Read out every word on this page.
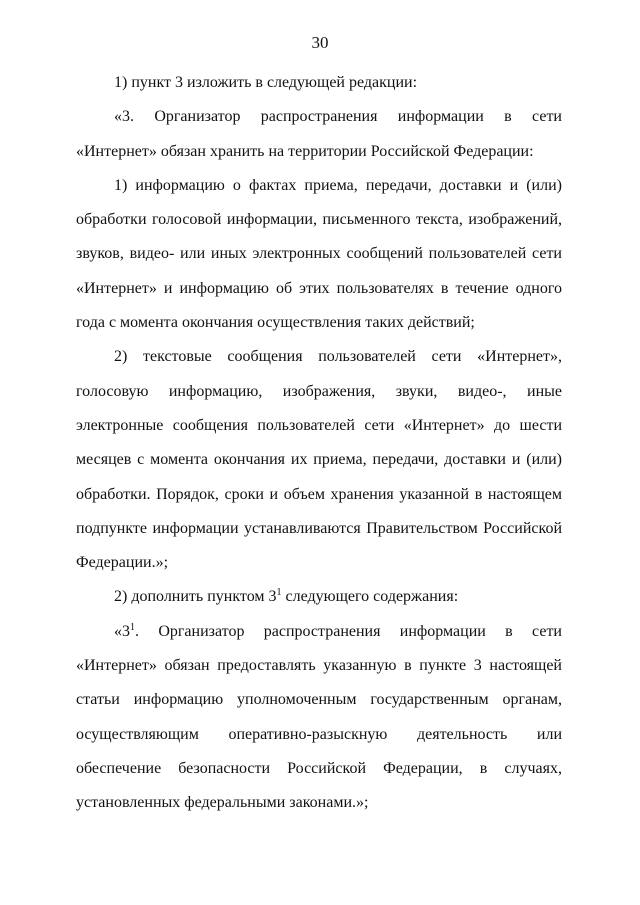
30

1) пункт 3 изложить в следующей редакции:

«3. Организатор распространения информации в сети «Интернет» обязан хранить на территории Российской Федерации:

1) информацию о фактах приема, передачи, доставки и (или) обработки голосовой информации, письменного текста, изображений, звуков, видео- или иных электронных сообщений пользователей сети «Интернет» и информацию об этих пользователях в течение одного года с момента окончания осуществления таких действий;

2) текстовые сообщения пользователей сети «Интернет», голосовую информацию, изображения, звуки, видео-, иные электронные сообщения пользователей сети «Интернет» до шести месяцев с момента окончания их приема, передачи, доставки и (или) обработки. Порядок, сроки и объем хранения указанной в настоящем подпункте информации устанавливаются Правительством Российской Федерации.»;

2) дополнить пунктом $3^1$ следующего содержания:

«$3^1$. Организатор распространения информации в сети «Интернет» обязан предоставлять указанную в пункте 3 настоящей статьи информацию уполномоченным государственным органам, осуществляющим оперативно-разыскную деятельность или обеспечение безопасности Российской Федерации, в случаях, установленных федеральными законами.»;
